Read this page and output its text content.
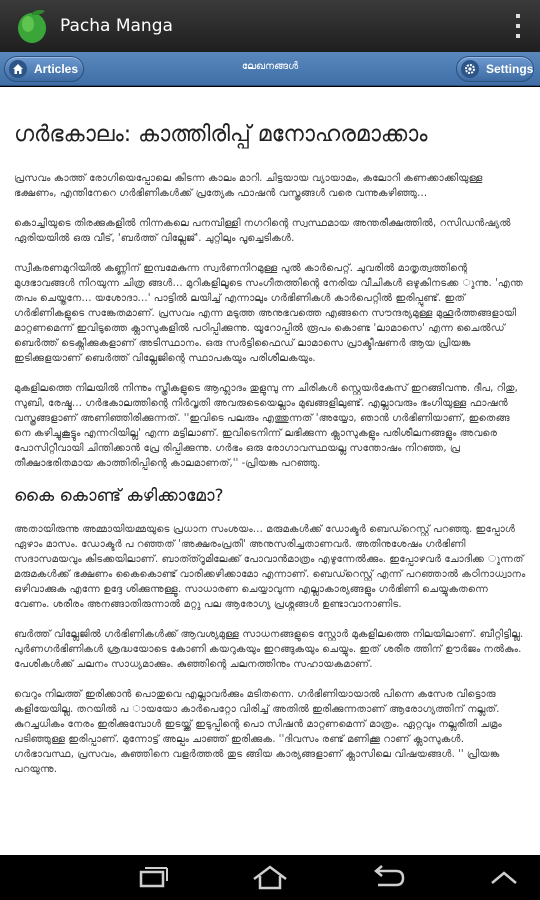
Pacha Manga
Articles	ലേഖനങ്ങൾ	Settings
ഗർഭകാലം: കാത്തിരിപ്പ് മനോഹരമാക്കാം

പ്രസവം കാത്ത് രോഗിയെപ്പോലെ കിടന്ന കാലം മാറി. ചിട്ടയായ വ്യായാമം, കലോറി കണക്കാക്കിയുള്ള ഭക്ഷണം, എന്തിനേറെ ഗർഭിണികൾക്ക് പ്രത്യേക ഫാഷൻ വസ്ത്രങ്ങൾ വരെ വന്നുകഴിഞ്ഞു…

കൊച്ചിയുടെ തിരക്കുകളിൽ നിന്നകലെ പനമ്പിള്ളി നഗറിന്റെ സ്വസ്ഥമായ അന്തരീക്ഷത്തിൽ, റസിഡൻഷ്യൽ ഏരിയയിൽ ഒരു വീട്, 'ബർത്ത് വില്ലേജ്'. ചുറ്റിലും പൂച്ചെടികൾ.

സ്വീകരണമുറിയിൽ കണ്ണിന് ഇമ്പമേകുന്ന സ്വർണനിറമുള്ള പുൽ കാർപെറ്റ്. ചുവരിൽ മാതൃത്വത്തിന്റെ മുഗ്ദഭാവങ്ങൾ നിറയുന്ന ചിത്ര ങ്ങൾ… മുറികളിലൂടെ സംഗീതത്തിന്റെ നേരിയ വീചികൾ ഒഴുകിനടക്ക ുന്നു. 'എന്ത തപം ചെയ്തനേ… യശോദാ…' പാട്ടിൽ ലയിച്ച് എന്നാലും ഗർഭിണികൾ കാർപെറ്റിൽ ഇരിപ്പുണ്ട്. ഇത് ഗർഭിണികളുടെ സങ്കേതമാണ്. പ്രസവം എന്ന മടുത്ത അനുഭവത്തെ എങ്ങനെ സൗന്ദര്യമുള്ള മുഹൂർത്തങ്ങളായി മാറ്റണമെന്ന് ഇവിടുത്തെ ക്ലാസുകളിൽ പഠിപ്പിക്കുന്നു. യൂറോപ്പിൽ രൂപം കൊണ്ട 'ലാമാസെ' എന്ന ചൈൽഡ് ബെർത്ത് ടെക്നിക്കുകളാണ് അടിസ്ഥാനം. ഒരു സർട്ടിഫൈഡ് ലാമാസെ പ്രാക്ടീഷണർ ആയ പ്രിയങ്ക ഇടിക്കുളയാണ് ബെർത്ത് വില്ലേജിന്റെ സ്ഥാപകയും പരിശീലകയും.

മുകളിലത്തെ നിലയിൽ നിന്നും സ്ത്രീകളുടെ ആഹ്ലാദം തുളുമ്പു ന്ന ചിരികൾ സ്റ്റെയർകേസ് ഇറങ്ങിവന്നു. ദീപ, റിതു, സുബി, രേഷ്മ… ഗർഭകാലത്തിന്റെ നിർവൃതി അവരുടെയെല്ലാം മുഖങ്ങളിലുണ്ട്. എല്ലാവരും ഭംഗിയുള്ള ഫാഷൻ വസ്ത്രങ്ങളാണ് അണിഞ്ഞിരിക്കുന്നത്. ''ഇവിടെ പലരും എത്തുന്നത് 'അയ്യോ, ഞാൻ ഗർഭിണിയാണ്, ഇതെങ്ങ നെ കഴിച്ചുകൂട്ടും എന്നറിയില്ല' എന്ന മട്ടിലാണ്. ഇവിടെനിന്ന് ലഭിക്കുന്ന ക്ലാസുകളും പരിശീലനങ്ങളും അവരെ പോസിറ്റീവായി ചിന്തിക്കാൻ പ്രേ രിപ്പിക്കുന്നു. ഗർഭം ഒരു രോഗാവസ്ഥയല്ല സന്തോഷം നിറഞ്ഞ, പ്ര തീക്ഷാഭരിതമായ കാത്തിരിപ്പിന്റെ കാലമാണത്,'' -പ്രിയങ്ക പറഞ്ഞു.

കൈ കൊണ്ട് കഴിക്കാമോ?

അതായിരുന്നു അമ്മായിയമ്മയുടെ പ്രധാന സംശയം… മരുമകൾക്ക് ഡോക്ടർ ബെഡ്റെസ്റ്റ് പറഞ്ഞു. ഇപ്പോൾ ഏഴാം മാസം. ഡോക്ടർ പ റഞ്ഞത് 'അക്ഷരംപ്രതി' അനുസരിച്ചതാണവർ. അതിനുശേഷം ഗർഭിണി സദാസമയവും കിടക്കയിലാണ്. ബാത്ത്റൂമിലേക്ക് പോവാൻമാത്രം എഴുന്നേൽക്കും. ഇപ്പോഴവർ ചോദിക്ക ുന്നത് മരുമകൾക്ക് ഭക്ഷണം കൈകൊണ്ട് വാരിക്കഴിക്കാമോ എന്നാണ്. ബെഡ്റെസ്റ്റ് എന്ന് പറഞ്ഞാൽ കഠിനാധ്വാനം ഒഴിവാക്കുക എന്നേ ഉദ്ദേ ശിക്കുന്നുള്ളൂ. സാധാരണ ചെയ്യാവുന്ന എല്ലാകാര്യങ്ങളും ഗർഭിണി ചെയ്യുകതന്നെ വേണം. ശരീരം അനങ്ങാതിരുന്നാൽ മറ്റു പല ആരോഗ്യ പ്രശ്നങ്ങൾ ഉണ്ടാവാനാണിട.

ബർത്ത് വില്ലേജിൽ ഗർഭിണികൾക്ക് ആവശ്യമുള്ള സാധനങ്ങളുടെ സ്റ്റോർ മുകളിലത്തെ നിലയിലാണ്. ബീറ്റിട്ടില്ല. പുർണഗർഭിണികൾ ശ്രദ്ധയോടെ കോണി കയറുകയും ഇറങ്ങുകയും ചെയ്യും. ഇത് ശരീര ത്തിന് ഊർജം നൽകും. പേശികൾക്ക് ചലനം സാധ്യമാക്കും. കുഞ്ഞിന്റെ ചലനത്തിനും സഹായകമാണ്.

വെറും നിലത്ത് ഇരിക്കാൻ പൊതുവെ എല്ലാവർക്കും മടിതന്നെ. ഗർഭിണിയായാൽ പിന്നെ കസേര വിട്ടൊരു കളിയേയില്ല. തറയിൽ പ ായയോ കാർപെറ്റോ വിരിച്ച് അതിൽ ഇരിക്കുന്നതാണ് ആരോഗ്യത്തിന് നല്ലത്. കുറച്ചധികം നേരം ഇരിക്കുമ്പോൾ ഇടയ്ക്ക് ഇടുപ്പിന്റെ പൊ സിഷൻ മാറ്റണമെന്ന് മാത്രം. ഏറ്റവും നല്ലരീതി ചമ്രം പടിഞ്ഞുള്ള ഇരിപ്പാണ്. മുന്നോട്ട് അല്പം ചാഞ്ഞ് ഇരിക്കുക. ''ദിവസം രണ്ട് മണിക്കൂ റാണ് ക്ലാസുകൾ. ഗർഭാവസ്ഥ, പ്രസവം, കുഞ്ഞിനെ വളർത്തൽ തുട ങ്ങിയ കാര്യങ്ങളാണ് ക്ലാസിലെ വിഷയങ്ങൾ. '' പ്രിയങ്ക പറയുന്നു.
